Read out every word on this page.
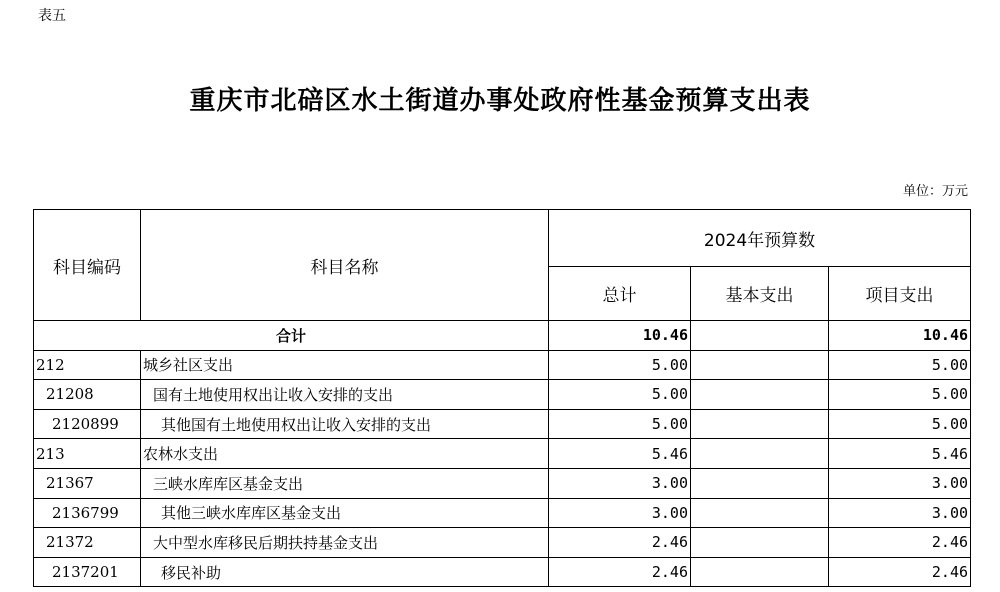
表五
重庆市北碚区水土街道办事处政府性基金预算支出表
单位：万元
科目编码	科目名称	2024年预算数		
		总计	基本支出	项目支出
合计		10.46		10.46
212	城乡社区支出	5.00		5.00
21208	国有土地使用权出让收入安排的支出	5.00		5.00
2120899	其他国有土地使用权出让收入安排的支出	5.00		5.00
213	农林水支出	5.46		5.46
21367	三峡水库库区基金支出	3.00		3.00
2136799	其他三峡水库库区基金支出	3.00		3.00
21372	大中型水库移民后期扶持基金支出	2.46		2.46
2137201	移民补助	2.46		2.46
